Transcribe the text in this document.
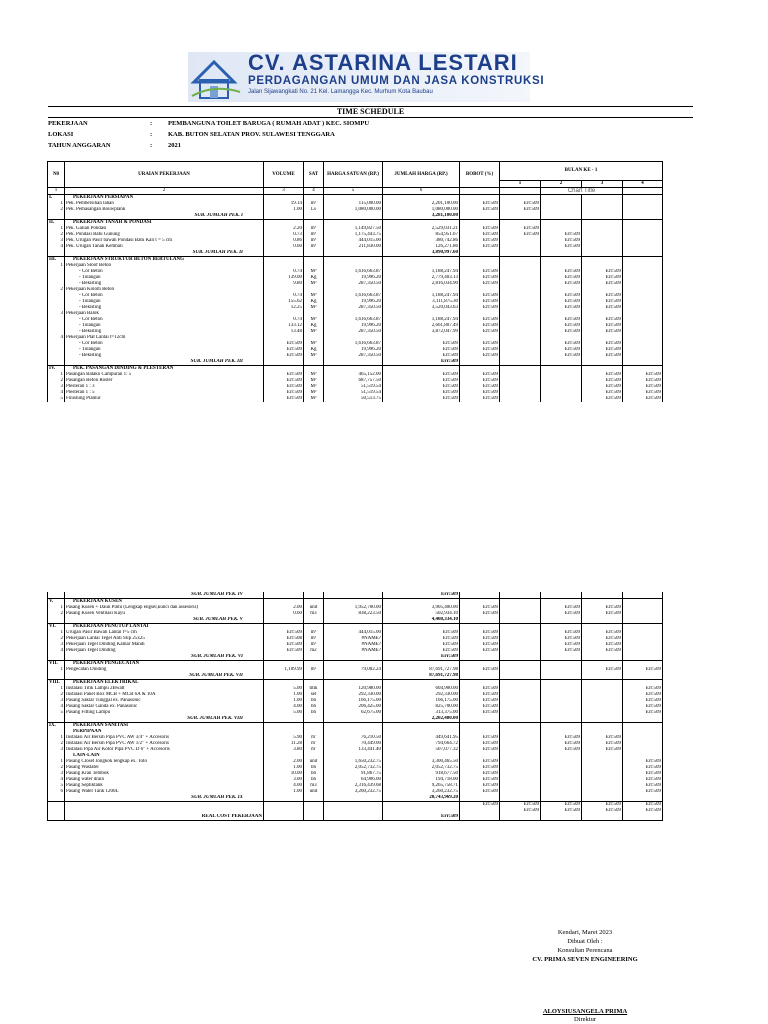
CV. ASTARINA LESTARI
PERDAGANGAN UMUM DAN JASA KONSTRUKSI
Jalan Sijawangkati No. 21 Kel. Lamangga Kec. Murhum Kota Baubau
TIME SCHEDULE
PEKERJAAN	: PEMBANGUNA TOILET BARUGA ( RUMAH ADAT ) KEC. SIOMPU
LOKASI	: KAB. BUTON SELATAN PROV. SULAWESI TENGGARA
TAHUN ANGGARAN	: 2021
N0	URAIAN PEKERJAAN	VOLUME	SAT	HARGA SATUAN (RP.)	JUMLAH HARGA (RP.)	BOBOT (%)	BULAN KE - 1			
							1	2	3	4
1	2	3	4	5	6			Chart Title		
I.	PEKERJAAN PERSIAPAN									
1	Pek. Pembersihan lahan	19.14	m²	115,000.00	2,201,100.00	Err:509	Err:509			
2	Pek. Pemasangan Bouwplank	1.00	Ls	1,080,000.00	1,080,000.00	Err:509	Err:509			
	SUB. JUMLAH PEK. I				3,281,100.00					
II.	PEKERJAAN TANAH & PONDASI									
1	Pek. Galian Pondasi	2.20	m³	1,149,827.50	2,529,031.21	Err:509	Err:509			
2	Pek. Pondasi Batu Gunung	0.73	m³	1,175,443.75	854,951.67	Err:509	Err:509	Err:509		
3	Pek. Urugan Pasir bawah Pondasi Batu Kali t = 5 cm	0.86	m³	444,015.00	380,742.86	Err:509		Err:509		
4	Pek. Urugan Tanah Kembali	0.60	m³	211,830.00	126,271.86	Err:509		Err:509		
	SUB. JUMLAH PEK. II				3,890,997.60					
III.	PEKERJAAN STRUKTUR BETON BERTULANG									
1	Pekerjaan Sloof Beton									
	- Cor Beton	0.74	M³	1,616,663.87	1,188,247.94	Err:509		Err:509	Err:509	
	- Tulangan	139.00	Kg	19,996.20	2,779,403.13	Err:509		Err:509	Err:509	
	- Bekisting	9.80	M²	287,350.50	2,816,034.90	Err:509		Err:509	Err:509	
2	Pekerjaan Kolom Beton									
	- Cor Beton	0.74	M³	1,616,663.87	1,188,247.94	Err:509		Err:509	Err:509	
	- Tulangan	155.62	Kg	19,996.20	3,111,875.30	Err:509		Err:509	Err:509	
	- Bekisting	12.25	M²	287,350.50	3,520,043.63	Err:509		Err:509	Err:509	
3	Pekerjaan Balok									
	- Cor Beton	0.74	M³	1,616,663.87	1,188,247.94	Err:509		Err:509	Err:509	
	- Tulangan	133.12	Kg	19,996.20	2,661,807.49	Err:509		Err:509	Err:509	
	- Bekisting	13.48	M²	287,350.50	3,872,047.99	Err:509		Err:509	Err:509	
4	Pekerjaan Plat Lantai t=12cm									
	- Cor Beton	Err:509	M³	1,616,663.87	Err:509	Err:509		Err:509	Err:509	
	- Tulangan	Err:509	Kg	19,996.20	Err:509	Err:509		Err:509	Err:509	
	- Bekisting	Err:509	M²	287,350.50	Err:509	Err:509		Err:509	Err:509	
	SUB. JUMLAH PEK. III				Err:509					
IV.	PEK. PASANGAN DINDING & PLESTERAN									
1	Pasangan Batako Campuran 1: 5	Err:509	M²	465,152.00	Err:509	Err:509			Err:509	Err:509
2	Pasangan Beton Roster	Err:509	M²	687,757.50	Err:509	Err:509			Err:509	Err:509
3	Plesteran 1 : 3	Err:509	M²	51,519.54	Err:509	Err:509			Err:509	Err:509
4	Plesteran 1 : 5	Err:509	M²	51,519.54	Err:509	Err:509			Err:509	Err:509
5	Finishing Plamur	Err:509	M²	50,513.75	Err:509	Err:509			Err:509	Err:509
	SUB. JUMLAH PEK. IV				Err:509					
V.	PEKERJAAN KUSEN									
1	Pasang Kusen + Daun Pintu (Lengkap engsel,kunci dan assesoris)	2.00	unit	1,952,700.00	3,905,400.00	Err:509		Err:509	Err:509	
2	Pasang Kusen Ventilasi Kayu	0.60	m3	838,223.50	502,934.10	Err:509		Err:509	Err:509	
	SUB. JUMLAH PEK. V				4,408,334.10					
VI.	PEKERJAAN PENUTUP LANTAI									
1	Urugan Pasir Bawah Lantai t=5 cm	Err:509	m³	444,015.00	Err:509	Err:509		Err:509	Err:509	
2	Pekerjaan Lantai Tegel Anti Slip 25x25	Err:508	m²	#NAME?	Err:509	Err:509		Err:509	Err:509	
3	Pekerjaan Tegel Dinding Kamar Mandi	Err:509	m²	#NAME?	Err:509	Err:509		Err:509	Err:509	
4	Pekerjaan Tegel Dinding	Err:509	m2	#NAME?	Err:509	Err:509		Err:509	Err:509	
	SUB. JUMLAH PEK. VI				Err:509					
VII.	PEKERJAAN PENGECATAN									
1	Pengecatan Dinding	1,109.99	m²	79,002.24	87,691,727.98	Err:509			Err:509	Err:509
	SUB. JUMLAH PEK. VII				87,691,727.98					
VIII.	PEKERJAAN ELEKTRIKAL									
1	Instalasi Titik Lampu 2Bwatt	5.00	titik	120,980.00	604,900.00	Err:509				Err:509
2	Instalasi Panel Box MCB + MCB 6A & 10A	1.00	set	292,330.00	292,330.00	Err:509				Err:509
3	Pasang Saklar Tunggal ex. Panasonic	1.00	bh	166,175.00	166,175.00	Err:509				Err:509
4	Pasang Saklar Ganda ex. Panasonic	4.00	bh	206,425.00	825,700.00	Err:509				Err:509
5	Pasang Fitting Lampu	5.00	bh	62,675.00	313,375.00	Err:509				Err:509
	SUB. JUMLAH PEK. VIII				2,202,480.00					
IX.	PEKERJAAN SANITASI									
	PERPIPAAN									
1	Instalasi Air Bersih Pipa PVC AW 3/4" + Accesoris	5.90	m'	76,210.50	449,641.95	Err:509		Err:509	Err:509	
2	Instalasi Air Bersih Pipa PVC AW 1/2" + Accesoris	11.28	m'	70,449.00	794,664.72	Err:509		Err:509	Err:509	
3	Instalasi Pipa Air Kotor Pipa PVC D 6" + Accesoris	3.80	m'	133,441.40	507,077.32	Err:509		Err:509	Err:509	
	LAIN-LAIN									
1	Pasang Closet Jongkok lengkap ex. Toto	2.00	unit	1,650,232.75	3,300,465.50	Err:509				Err:509
2	Pasang Wastafel	1.00	bh	2,052,732.75	2,052,732.75	Err:509				Err:509
3	Pasang Kran Tembok	10.00	bh	91,867.75	918,677.50	Err:509				Err:509
4	Pasang water drain	3.00	bh	64,906.00	194,718.00	Err:509				Err:509
5	Pasang Septiktank	4.00	m3	2,316,439.68	9,265,758.71	Err:509				Err:509
6	Pasang Water Tank 1200L	1.00	unit	3,260,232.75	3,260,232.75	Err:509				Err:509
	SUB. JUMLAH PEK. IX				20,743,969.20					
						Err:509	Err:509	Err:509	Err:509	Err:509
							Err:509	Err:509	Err:509	Err:509
	REAL COST PEKERJAAN				Err:509					
Kendari, Maret 2023
Dibuat Oleh :
Konsultan Perencana
CV. PRIMA SEVEN ENGINEERING
ALOYSIUSANGELA PRIMA
Direktur
